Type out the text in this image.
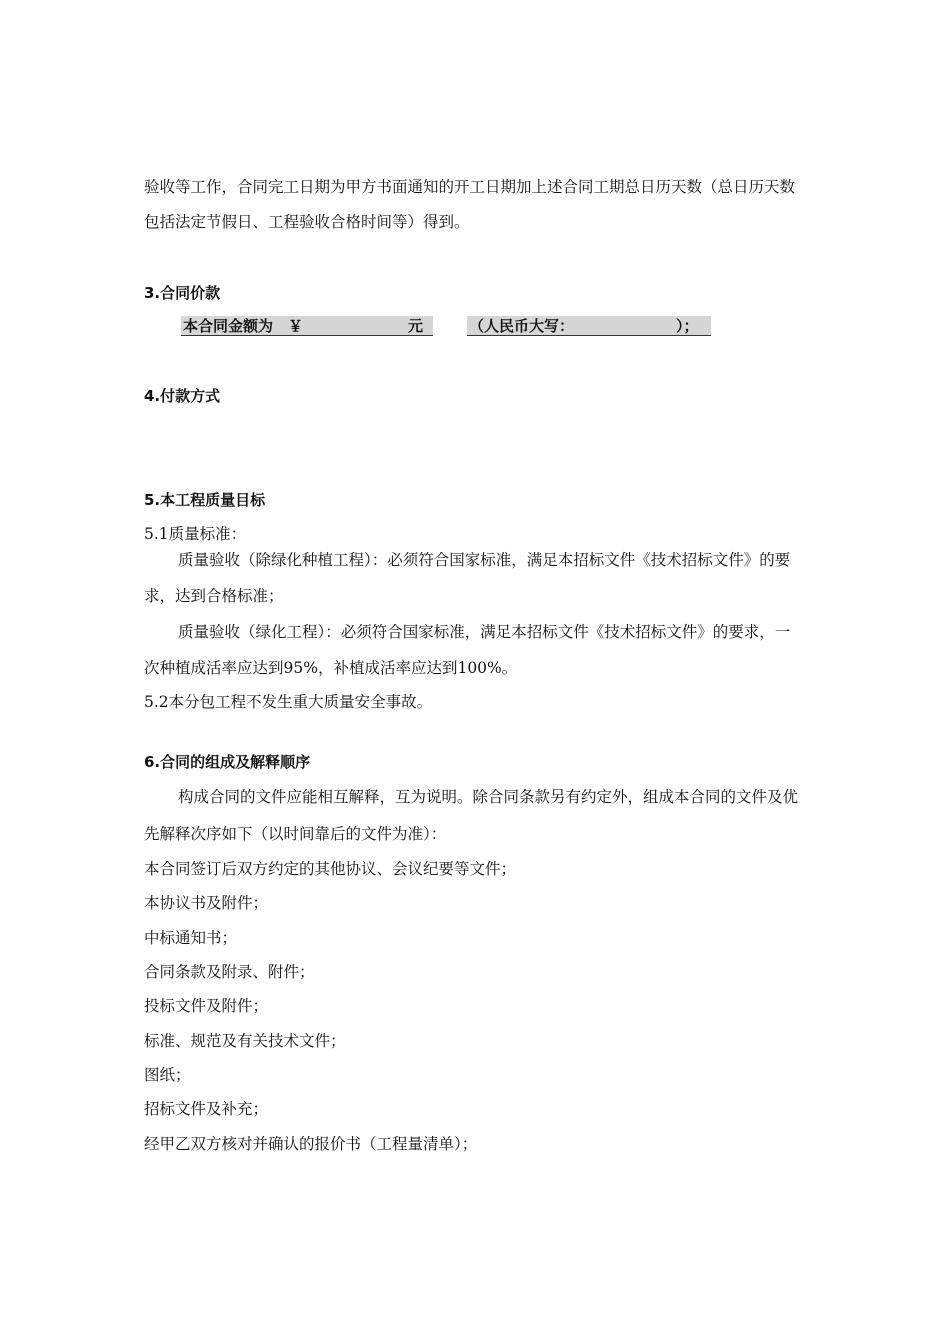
验收等工作，合同完工日期为甲方书面通知的开工日期加上述合同工期总日历天数（总日历天数
包括法定节假日、工程验收合格时间等）得到。
3.合同价款

本合同金额为　￥

	元

	（人民币大写：

	）；

4.付款方式
5.本工程质量目标
5.1质量标准：
质量验收（除绿化种植工程）：必须符合国家标准，满足本招标文件《技术招标文件》的要
求，达到合格标准；
质量验收（绿化工程）：必须符合国家标准，满足本招标文件《技术招标文件》的要求，一
次种植成活率应达到95%，补植成活率应达到100%。
5.2本分包工程不发生重大质量安全事故。
6.合同的组成及解释顺序
构成合同的文件应能相互解释，互为说明。除合同条款另有约定外，组成本合同的文件及优
先解释次序如下（以时间靠后的文件为准）：
本合同签订后双方约定的其他协议、会议纪要等文件；
本协议书及附件；
中标通知书；
合同条款及附录、附件；
投标文件及附件；
标准、规范及有关技术文件；
图纸；
招标文件及补充；
经甲乙双方核对并确认的报价书（工程量清单）；
